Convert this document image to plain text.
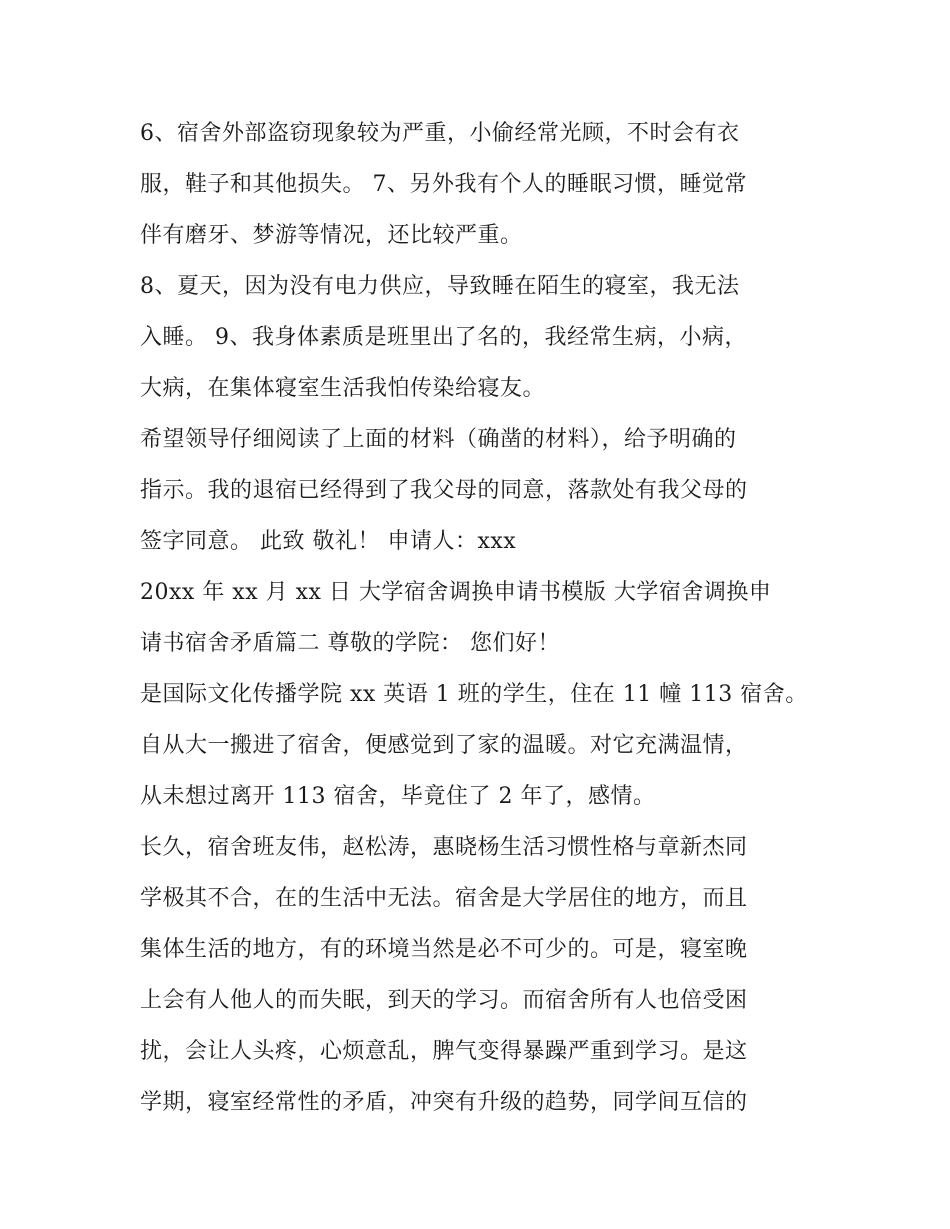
6、宿舍外部盗窃现象较为严重，小偷经常光顾，不时会有衣
服，鞋子和其他损失。 7、另外我有个人的睡眠习惯，睡觉常
伴有磨牙、梦游等情况，还比较严重。
8、夏天，因为没有电力供应，导致睡在陌生的寝室，我无法
入睡。 9、我身体素质是班里出了名的，我经常生病，小病，
大病，在集体寝室生活我怕传染给寝友。
希望领导仔细阅读了上面的材料（确凿的材料），给予明确的
指示。我的退宿已经得到了我父母的同意，落款处有我父母的
签字同意。 此致 敬礼！ 申请人：xxx
20xx 年 xx 月 xx 日 大学宿舍调换申请书模版 大学宿舍调换申
请书宿舍矛盾篇二 尊敬的学院： 您们好！
是国际文化传播学院 xx 英语 1 班的学生，住在 11 幢 113 宿舍。
自从大一搬进了宿舍，便感觉到了家的温暖。对它充满温情，
从未想过离开 113 宿舍，毕竟住了 2 年了，感情。
长久，宿舍班友伟，赵松涛，惠晓杨生活习惯性格与章新杰同
学极其不合，在的生活中无法。宿舍是大学居住的地方，而且
集体生活的地方，有的环境当然是必不可少的。可是，寝室晚
上会有人他人的而失眠，到天的学习。而宿舍所有人也倍受困
扰，会让人头疼，心烦意乱，脾气变得暴躁严重到学习。是这
学期，寝室经常性的矛盾，冲突有升级的趋势，同学间互信的
